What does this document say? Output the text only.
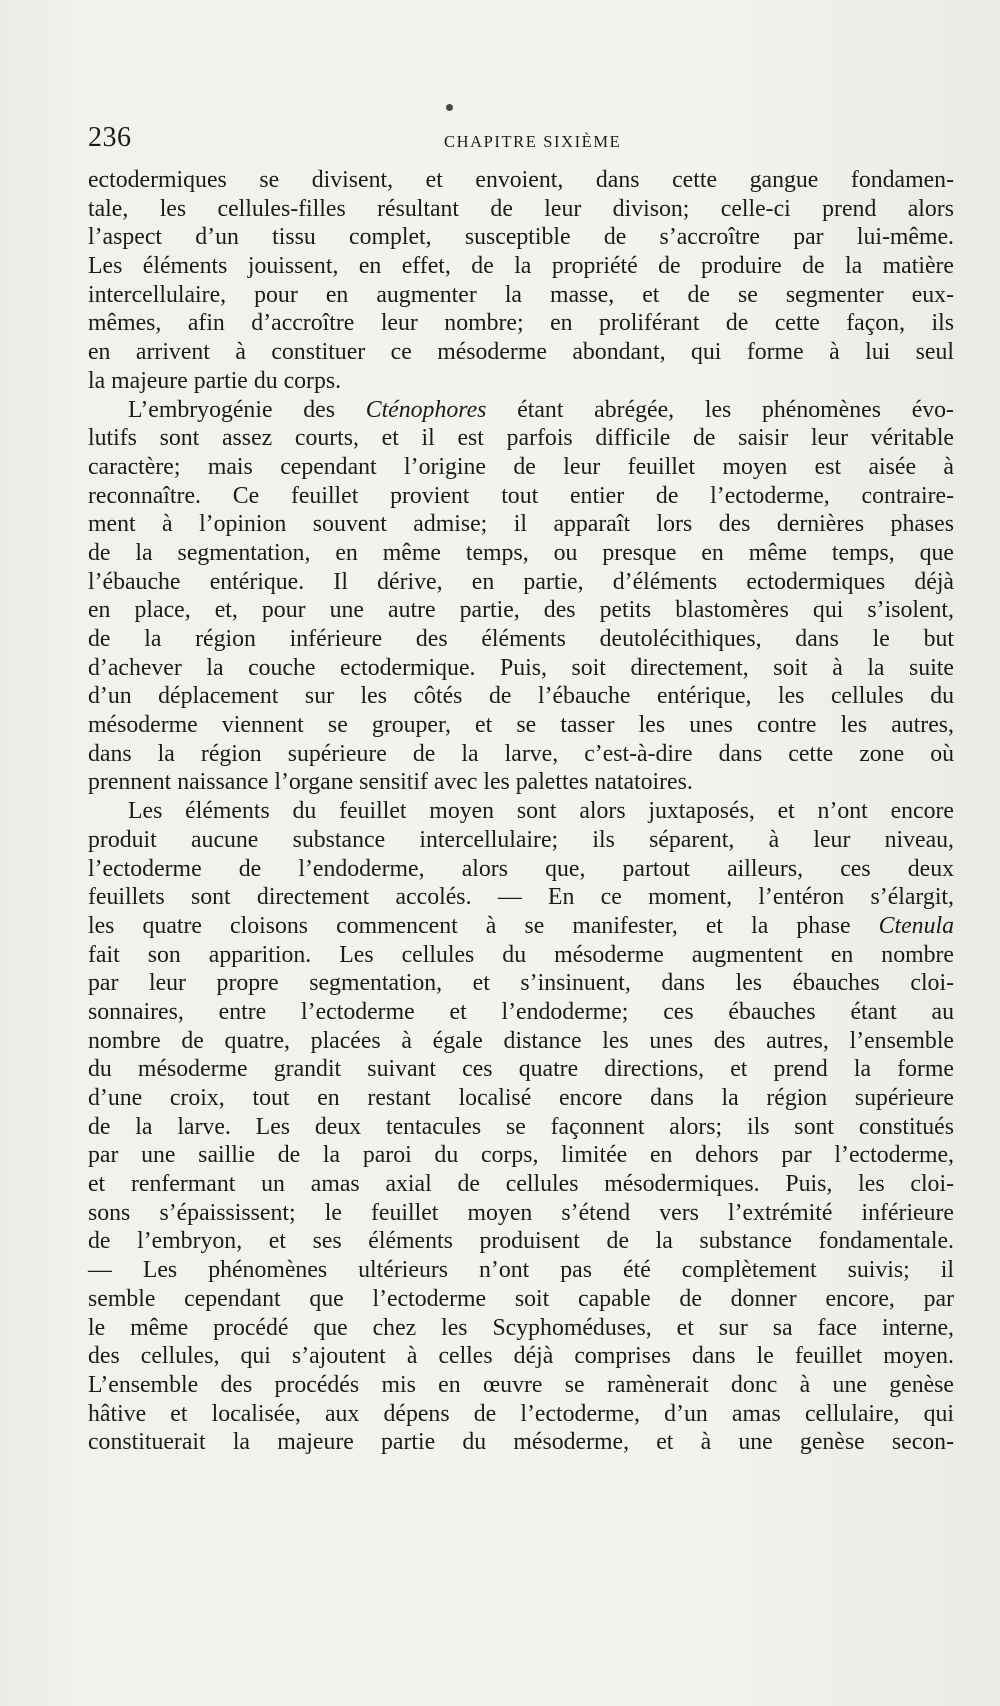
236	CHAPITRE SIXIÈME
ectodermiques se divisent, et envoient, dans cette gangue fondamen-
tale, les cellules-filles résultant de leur divison; celle-ci prend alors
l’aspect d’un tissu complet, susceptible de s’accroître par lui-même.
Les éléments jouissent, en effet, de la propriété de produire de la matière
intercellulaire, pour en augmenter la masse, et de se segmenter eux-
mêmes, afin d’accroître leur nombre; en proliférant de cette façon, ils
en arrivent à constituer ce mésoderme abondant, qui forme à lui seul
la majeure partie du corps.
L’embryogénie des Cténophores étant abrégée, les phénomènes évo-
lutifs sont assez courts, et il est parfois difficile de saisir leur véritable
caractère; mais cependant l’origine de leur feuillet moyen est aisée à
reconnaître. Ce feuillet provient tout entier de l’ectoderme, contraire-
ment à l’opinion souvent admise; il apparaît lors des dernières phases
de la segmentation, en même temps, ou presque en même temps, que
l’ébauche entérique. Il dérive, en partie, d’éléments ectodermiques déjà
en place, et, pour une autre partie, des petits blastomères qui s’isolent,
de la région inférieure des éléments deutolécithiques, dans le but
d’achever la couche ectodermique. Puis, soit directement, soit à la suite
d’un déplacement sur les côtés de l’ébauche entérique, les cellules du
mésoderme viennent se grouper, et se tasser les unes contre les autres,
dans la région supérieure de la larve, c’est-à-dire dans cette zone où
prennent naissance l’organe sensitif avec les palettes natatoires.
Les éléments du feuillet moyen sont alors juxtaposés, et n’ont encore
produit aucune substance intercellulaire; ils séparent, à leur niveau,
l’ectoderme de l’endoderme, alors que, partout ailleurs, ces deux
feuillets sont directement accolés. — En ce moment, l’entéron s’élargit,
les quatre cloisons commencent à se manifester, et la phase Ctenula
fait son apparition. Les cellules du mésoderme augmentent en nombre
par leur propre segmentation, et s’insinuent, dans les ébauches cloi-
sonnaires, entre l’ectoderme et l’endoderme; ces ébauches étant au
nombre de quatre, placées à égale distance les unes des autres, l’ensemble
du mésoderme grandit suivant ces quatre directions, et prend la forme
d’une croix, tout en restant localisé encore dans la région supérieure
de la larve. Les deux tentacules se façonnent alors; ils sont constitués
par une saillie de la paroi du corps, limitée en dehors par l’ectoderme,
et renfermant un amas axial de cellules mésodermiques. Puis, les cloi-
sons s’épaississent; le feuillet moyen s’étend vers l’extrémité inférieure
de l’embryon, et ses éléments produisent de la substance fondamentale.
— Les phénomènes ultérieurs n’ont pas été complètement suivis; il
semble cependant que l’ectoderme soit capable de donner encore, par
le même procédé que chez les Scyphoméduses, et sur sa face interne,
des cellules, qui s’ajoutent à celles déjà comprises dans le feuillet moyen.
L’ensemble des procédés mis en œuvre se ramènerait donc à une genèse
hâtive et localisée, aux dépens de l’ectoderme, d’un amas cellulaire, qui
constituerait la majeure partie du mésoderme, et à une genèse secon-
